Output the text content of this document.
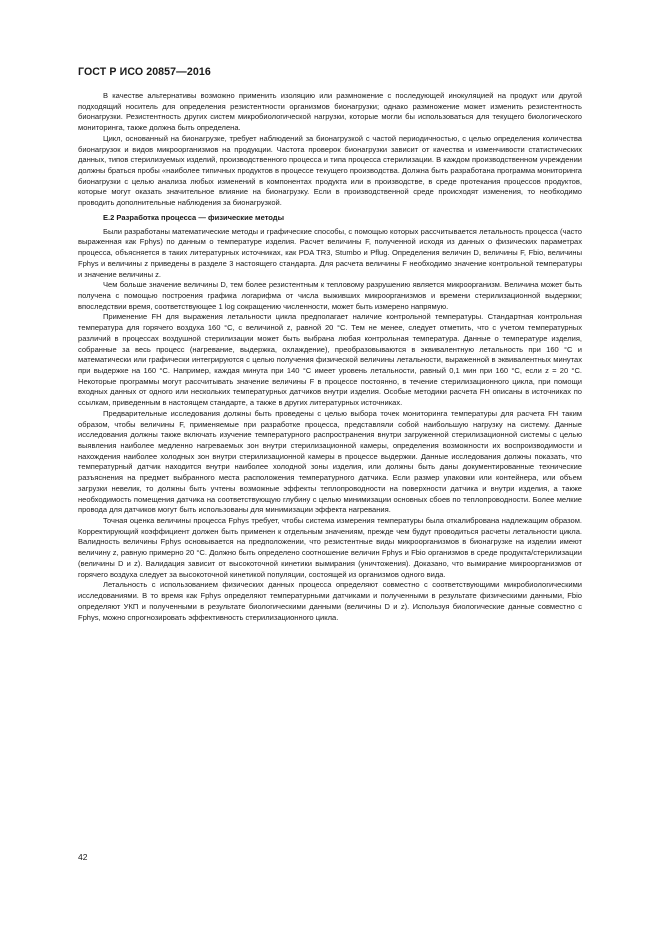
ГОСТ Р ИСО 20857—2016

В качестве альтернативы возможно применить изоляцию или размножение с последующей инокуляцией на продукт или другой подходящий носитель для определения резистентности организмов бионагрузки; однако размножение может изменить резистентность бионагрузки. Резистентность других систем микробиологической нагрузки, которые могли бы использоваться для текущего биологического мониторинга, также должна быть определена.

Цикл, основанный на бионагрузке, требует наблюдений за бионагрузкой с частой периодичностью, с целью определения количества бионагрузок и видов микроорганизмов на продукции. Частота проверок бионагрузки зависит от качества и изменчивости статистических данных, типов стерилизуемых изделий, производственного процесса и типа процесса стерилизации. В каждом производственном учреждении должны браться пробы «наиболее типичных продуктов в процессе текущего производства. Должна быть разработана программа мониторинга бионагрузки с целью анализа любых изменений в компонентах продукта или в производстве, в среде протекания процессов продуктов, которые могут оказать значительное влияние на бионагрузку. Если в производственной среде происходят изменения, то необходимо проводить дополнительные наблюдения за бионагрузкой.

Е.2 Разработка процесса — физические методы

Были разработаны математические методы и графические способы, с помощью которых рассчитывается летальность процесса (часто выраженная как Fphys) по данным о температуре изделия. Расчет величины F, полученной исходя из данных о физических параметрах процесса, объясняется в таких литературных источниках, как PDA TR3, Stumbo и Pflug. Определения величин D, величины F, Fbio, величины Fphys и величины z приведены в разделе 3 настоящего стандарта. Для расчета величины F необходимо значение контрольной температуры и значение величины z.

Чем больше значение величины D, тем более резистентным к тепловому разрушению является микроорганизм. Величина может быть получена с помощью построения графика логарифма от числа выживших микроорганизмов и времени стерилизационной выдержки; впоследствии время, соответствующее 1 log сокращению численности, может быть измерено напрямую.

Применение FH для выражения летальности цикла предполагает наличие контрольной температуры. Стандартная контрольная температура для горячего воздуха 160 °С, с величиной z, равной 20 °С. Тем не менее, следует отметить, что с учетом температурных различий в процессах воздушной стерилизации может быть выбрана любая контрольная температура. Данные о температуре изделия, собранные за весь процесс (нагревание, выдержка, охлаждение), преобразовываются в эквивалентную летальность при 160 °С и математически или графически интегрируются с целью получения физической величины летальности, выраженной в эквивалентных минутах при выдержке на 160 °С. Например, каждая минута при 140 °С имеет уровень летальности, равный 0,1 мин при 160 °С, если z = 20 °С. Некоторые программы могут рассчитывать значение величины F в процессе постоянно, в течение стерилизационного цикла, при помощи входных данных от одного или нескольких температурных датчиков внутри изделия. Особые методики расчета FH описаны в источниках по ссылкам, приведенным в настоящем стандарте, а также в других литературных источниках.

Предварительные исследования должны быть проведены с целью выбора точек мониторинга температуры для расчета FH таким образом, чтобы величины F, применяемые при разработке процесса, представляли собой наибольшую нагрузку на систему. Данные исследования должны также включать изучение температурного распространения внутри загруженной стерилизационной системы с целью выявления наиболее медленно нагреваемых зон внутри стерилизационной камеры, определения возможности их воспроизводимости и нахождения наиболее холодных зон внутри стерилизационной камеры в процессе выдержки. Данные исследования должны показать, что температурный датчик находится внутри наиболее холодной зоны изделия, или должны быть даны документированные технические разъяснения на предмет выбранного места расположения температурного датчика. Если размер упаковки или контейнера, или объем загрузки невелик, то должны быть учтены возможные эффекты теплопроводности на поверхности датчика и внутри изделия, а также необходимость помещения датчика на соответствующую глубину с целью минимизации основных сбоев по теплопроводности. Более мелкие провода для датчиков могут быть использованы для минимизации эффекта нагревания.

Точная оценка величины процесса Fphys требует, чтобы система измерения температуры была откалибрована надлежащим образом. Корректирующий коэффициент должен быть применен к отдельным значениям, прежде чем будут проводиться расчеты летальности цикла. Валидность величины Fphys основывается на предположении, что резистентные виды микроорганизмов в бионагрузке на изделии имеют величину z, равную примерно 20 °С. Должно быть определено соотношение величин Fphys и Fbio организмов в среде продукта/стерилизации (величины D и z). Валидация зависит от высокоточной кинетики вымирания (уничтожения). Доказано, что вымирание микроорганизмов от горячего воздуха следует за высокоточной кинетикой популяции, состоящей из организмов одного вида.

Летальность с использованием физических данных процесса определяют совместно с соответствующими микробиологическими исследованиями. В то время как Fphys определяют температурными датчиками и полученными в результате физическими данными, Fbio определяют УКП и полученными в результате биологическими данными (величины D и z). Используя биологические данные совместно с Fphys, можно спрогнозировать эффективность стерилизационного цикла.

42
